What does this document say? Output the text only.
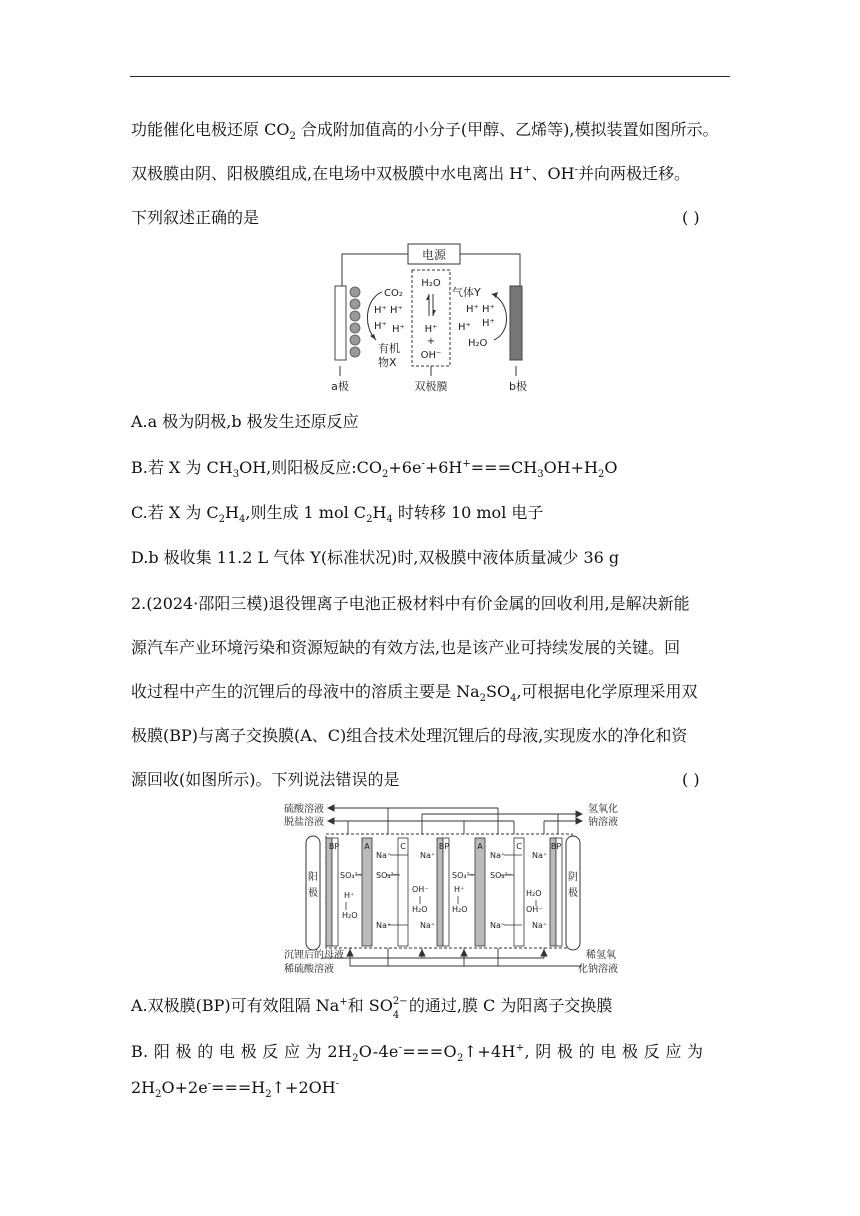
功能催化电极还原 $CO_2$ 合成附加值高的小分子(甲醇、乙烯等),模拟装置如图所示。
双极膜由阴、阳极膜组成,在电场中双极膜中水电离出 H+、OH-并向两极迁移。
下列叙述正确的是	( )
电源
H₂O
H⁺
+
OH⁻
CO₂
H⁺ H⁺
H⁺ H⁺
有机
物X
气体Y
H⁺ H⁺
H⁺ H⁺
H₂O
a极	双极膜	b极
A.a 极为阴极,b 极发生还原反应
B.若 X 为 $CH_3OH$,则阳极反应$:CO_2+6e^-+6H^+===CH_3OH+H_2O$
C.若 X 为 $C_2H_4$,则生成 1 mol $C_2H_4$ 时转移 10 mol 电子
D.b 极收集 11.2 L 气体 Y(标准状况)时,双极膜中液体质量减少 36 g
2.(2024·邵阳三模)退役锂离子电池正极材料中有价金属的回收利用,是解决新能
源汽车产业环境污染和资源短缺的有效方法,也是该产业可持续发展的关键。回
收过程中产生的沉锂后的母液中的溶质主要是 $Na_2SO_4$,可根据电化学原理采用双
极膜(BP)与离子交换膜(A、C)组合技术处理沉锂后的母液,实现废水的净化和资
源回收(如图所示)。下列说法错误的是	( )
硫酸溶液
脱盐溶液
氢氧化
钠溶液
阳
极
阴
极
BP	A	C	BP	A	C	BP
SO₄²⁻
H⁺
H₂O
Na⁺
SO₄²⁻
Na⁺
Na⁺
OH⁻
H₂O
Na⁺
SO₄²⁻
H⁺
H₂O
Na⁺
SO₄²⁻
Na⁺
Na⁺
H₂O
OH⁻
Na⁺
沉锂后的母液
稀硫酸溶液
稀氢氧
化钠溶液
A.双极膜(BP)可有效阻隔 Na+和 SO 2−
4 的通过,膜 C 为阳离子交换膜
B. 阳 极 的 电 极 反 应 为 $2H_2O-4e^-===O_2↑+4H^+$, 阴 极 的 电 极 反 应 为
$2H_2O+2e^-===H_2↑+2OH^-$
